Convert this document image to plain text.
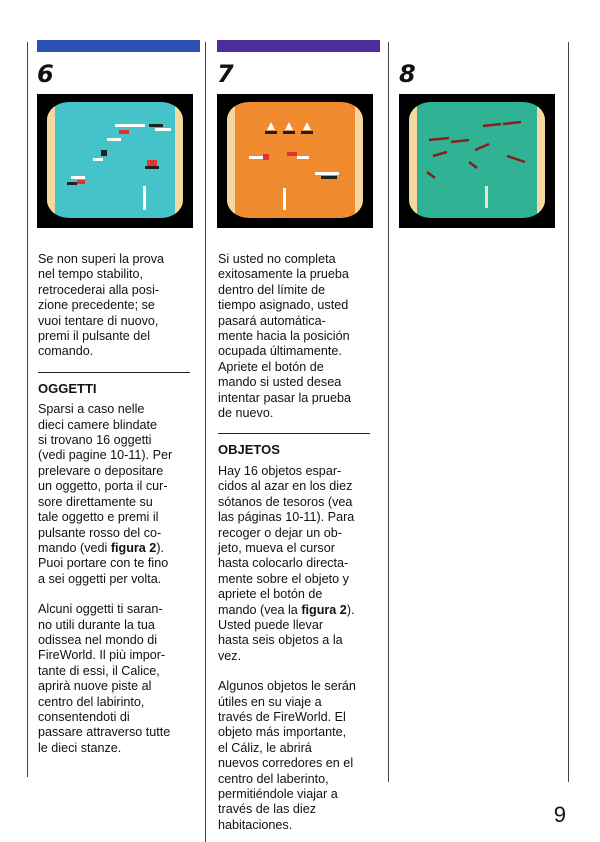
6

Se non superi la prova
nel tempo stabilito,
retrocederai alla posi-
zione precedente; se
vuoi tentare di nuovo,
premi il pulsante del
comando.

OGGETTI

Sparsi a caso nelle
dieci camere blindate
si trovano 16 oggetti
(vedi pagine 10-11). Per
prelevare o depositare
un oggetto, porta il cur-
sore direttamente su
tale oggetto e premi il
pulsante rosso del co-
mando (vedi figura 2).
Puoi portare con te fino
a sei oggetti per volta.

Alcuni oggetti ti saran-
no utili durante la tua
odissea nel mondo di
FireWorld. Il più impor-
tante di essi, il Calice,
aprirà nuove piste al
centro del labirinto,
consentendoti di
passare attraverso tutte
le dieci stanze.

7

Si usted no completa
exitosamente la prueba
dentro del límite de
tiempo asignado, usted
pasará automática-
mente hacia la posición
ocupada últimamente.
Apriete el botón de
mando si usted desea
intentar pasar la prueba
de nuevo.

OBJETOS

Hay 16 objetos espar-
cidos al azar en los diez
sótanos de tesoros (vea
las páginas 10-11). Para
recoger o dejar un ob-
jeto, mueva el cursor
hasta colocarlo directa-
mente sobre el objeto y
apriete el botón de
mando (vea la figura 2).
Usted puede llevar
hasta seis objetos a la
vez.

Algunos objetos le serán
útiles en su viaje a
través de FireWorld. El
objeto más importante,
el Cáliz, le abrirá
nuevos corredores en el
centro del laberinto,
permitiéndole viajar a
través de las diez
habitaciones.

8
9
